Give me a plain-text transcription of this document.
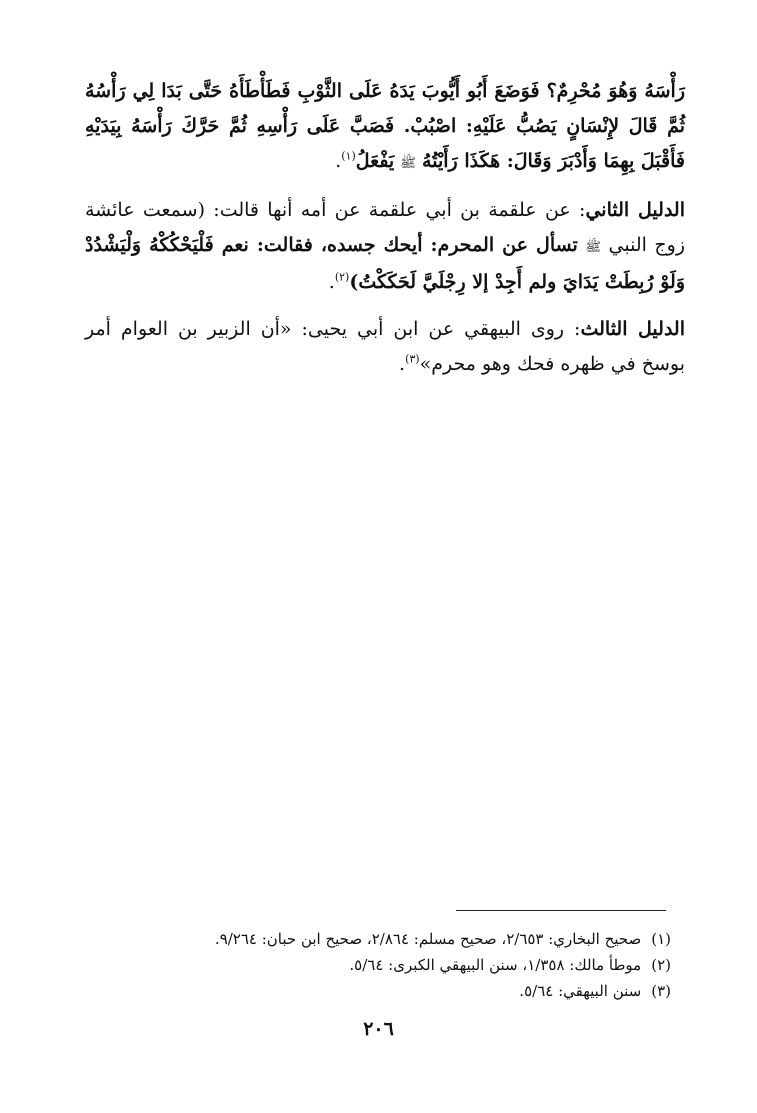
رَأْسَهُ وَهُوَ مُحْرِمٌ؟ فَوَضَعَ أَبُو أَيُّوبَ يَدَهُ عَلَى الثَّوْبِ فَطَأْطَأَهُ حَتَّى بَدَا لِي رَأْسُهُ ثُمَّ قَالَ لإِنْسَانٍ يَصُبُّ عَلَيْهِ: اصْبُبْ. فَصَبَّ عَلَى رَأْسِهِ ثُمَّ حَرَّكَ رَأْسَهُ بِيَدَيْهِ فَأَقْبَلَ بِهِمَا وَأَدْبَرَ وَقَالَ: هَكَذَا رَأَيْتُهُ ﷺ يَفْعَلُ$^{(١)}$.

الدليل الثاني: عن علقمة بن أبي علقمة عن أمه أنها قالت: (سمعت عائشة زوج النبي ﷺ تسأل عن المحرم: أيحك جسده، فقالت: نعم فَلْيَحْكُكْهُ وَلْيَشْدُدْ وَلَوْ رُبِطَتْ يَدَايَ ولم أَجِدْ إلا رِجْلَيَّ لَحَكَكْتُ)$^{(٢)}$.

الدليل الثالث: روى البيهقي عن ابن أبي يحيى: «أن الزبير بن العوام أمر بوسخ في ظهره فحك وهو محرم»$^{(٣)}$.

(١)صحيح البخاري: ٢/٦٥٣، صحيح مسلم: ٢/٨٦٤، صحيح ابن حبان: ٩/٢٦٤.

(٢)موطأ مالك: ١/٣٥٨، سنن البيهقي الكبرى: ٥/٦٤.

(٣)سنن البيهقي: ٥/٦٤.

٢٠٦
